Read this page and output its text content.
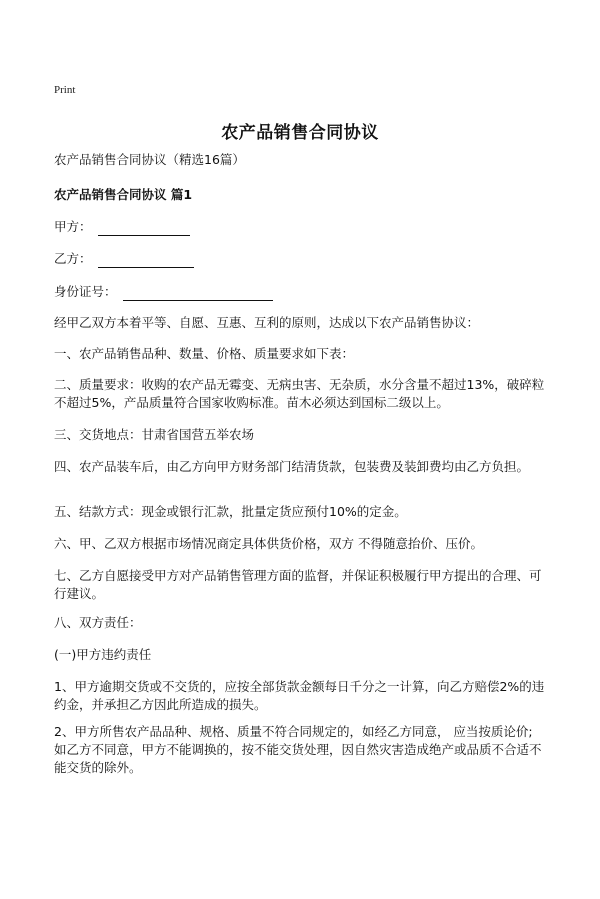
Print
农产品销售合同协议
农产品销售合同协议（精选16篇）
农产品销售合同协议 篇1
甲方：
乙方：
身份证号：
经甲乙双方本着平等、自愿、互惠、互利的原则，达成以下农产品销售协议：
一、农产品销售品种、数量、价格、质量要求如下表：
二、质量要求：收购的农产品无霉变、无病虫害、无杂质，水分含量不超过13%，破碎粒不超过5%，产品质量符合国家收购标准。苗木必须达到国标二级以上。
三、交货地点：甘肃省国营五举农场
四、农产品装车后，由乙方向甲方财务部门结清货款，包装费及装卸费均由乙方负担。
五、结款方式：现金或银行汇款，批量定货应预付10%的定金。
六、甲、乙双方根据市场情况商定具体供货价格，双方 不得随意抬价、压价。
七、乙方自愿接受甲方对产品销售管理方面的监督，并保证积极履行甲方提出的合理、可行建议。
八、双方责任：
(一)甲方违约责任
1、甲方逾期交货或不交货的，应按全部货款金额每日千分之一计算，向乙方赔偿2%的违约金，并承担乙方因此所造成的损失。
2、甲方所售农产品品种、规格、质量不符合同规定的，如经乙方同意， 应当按质论价; 如乙方不同意，甲方不能调换的，按不能交货处理，因自然灾害造成绝产或品质不合适不能交货的除外。
